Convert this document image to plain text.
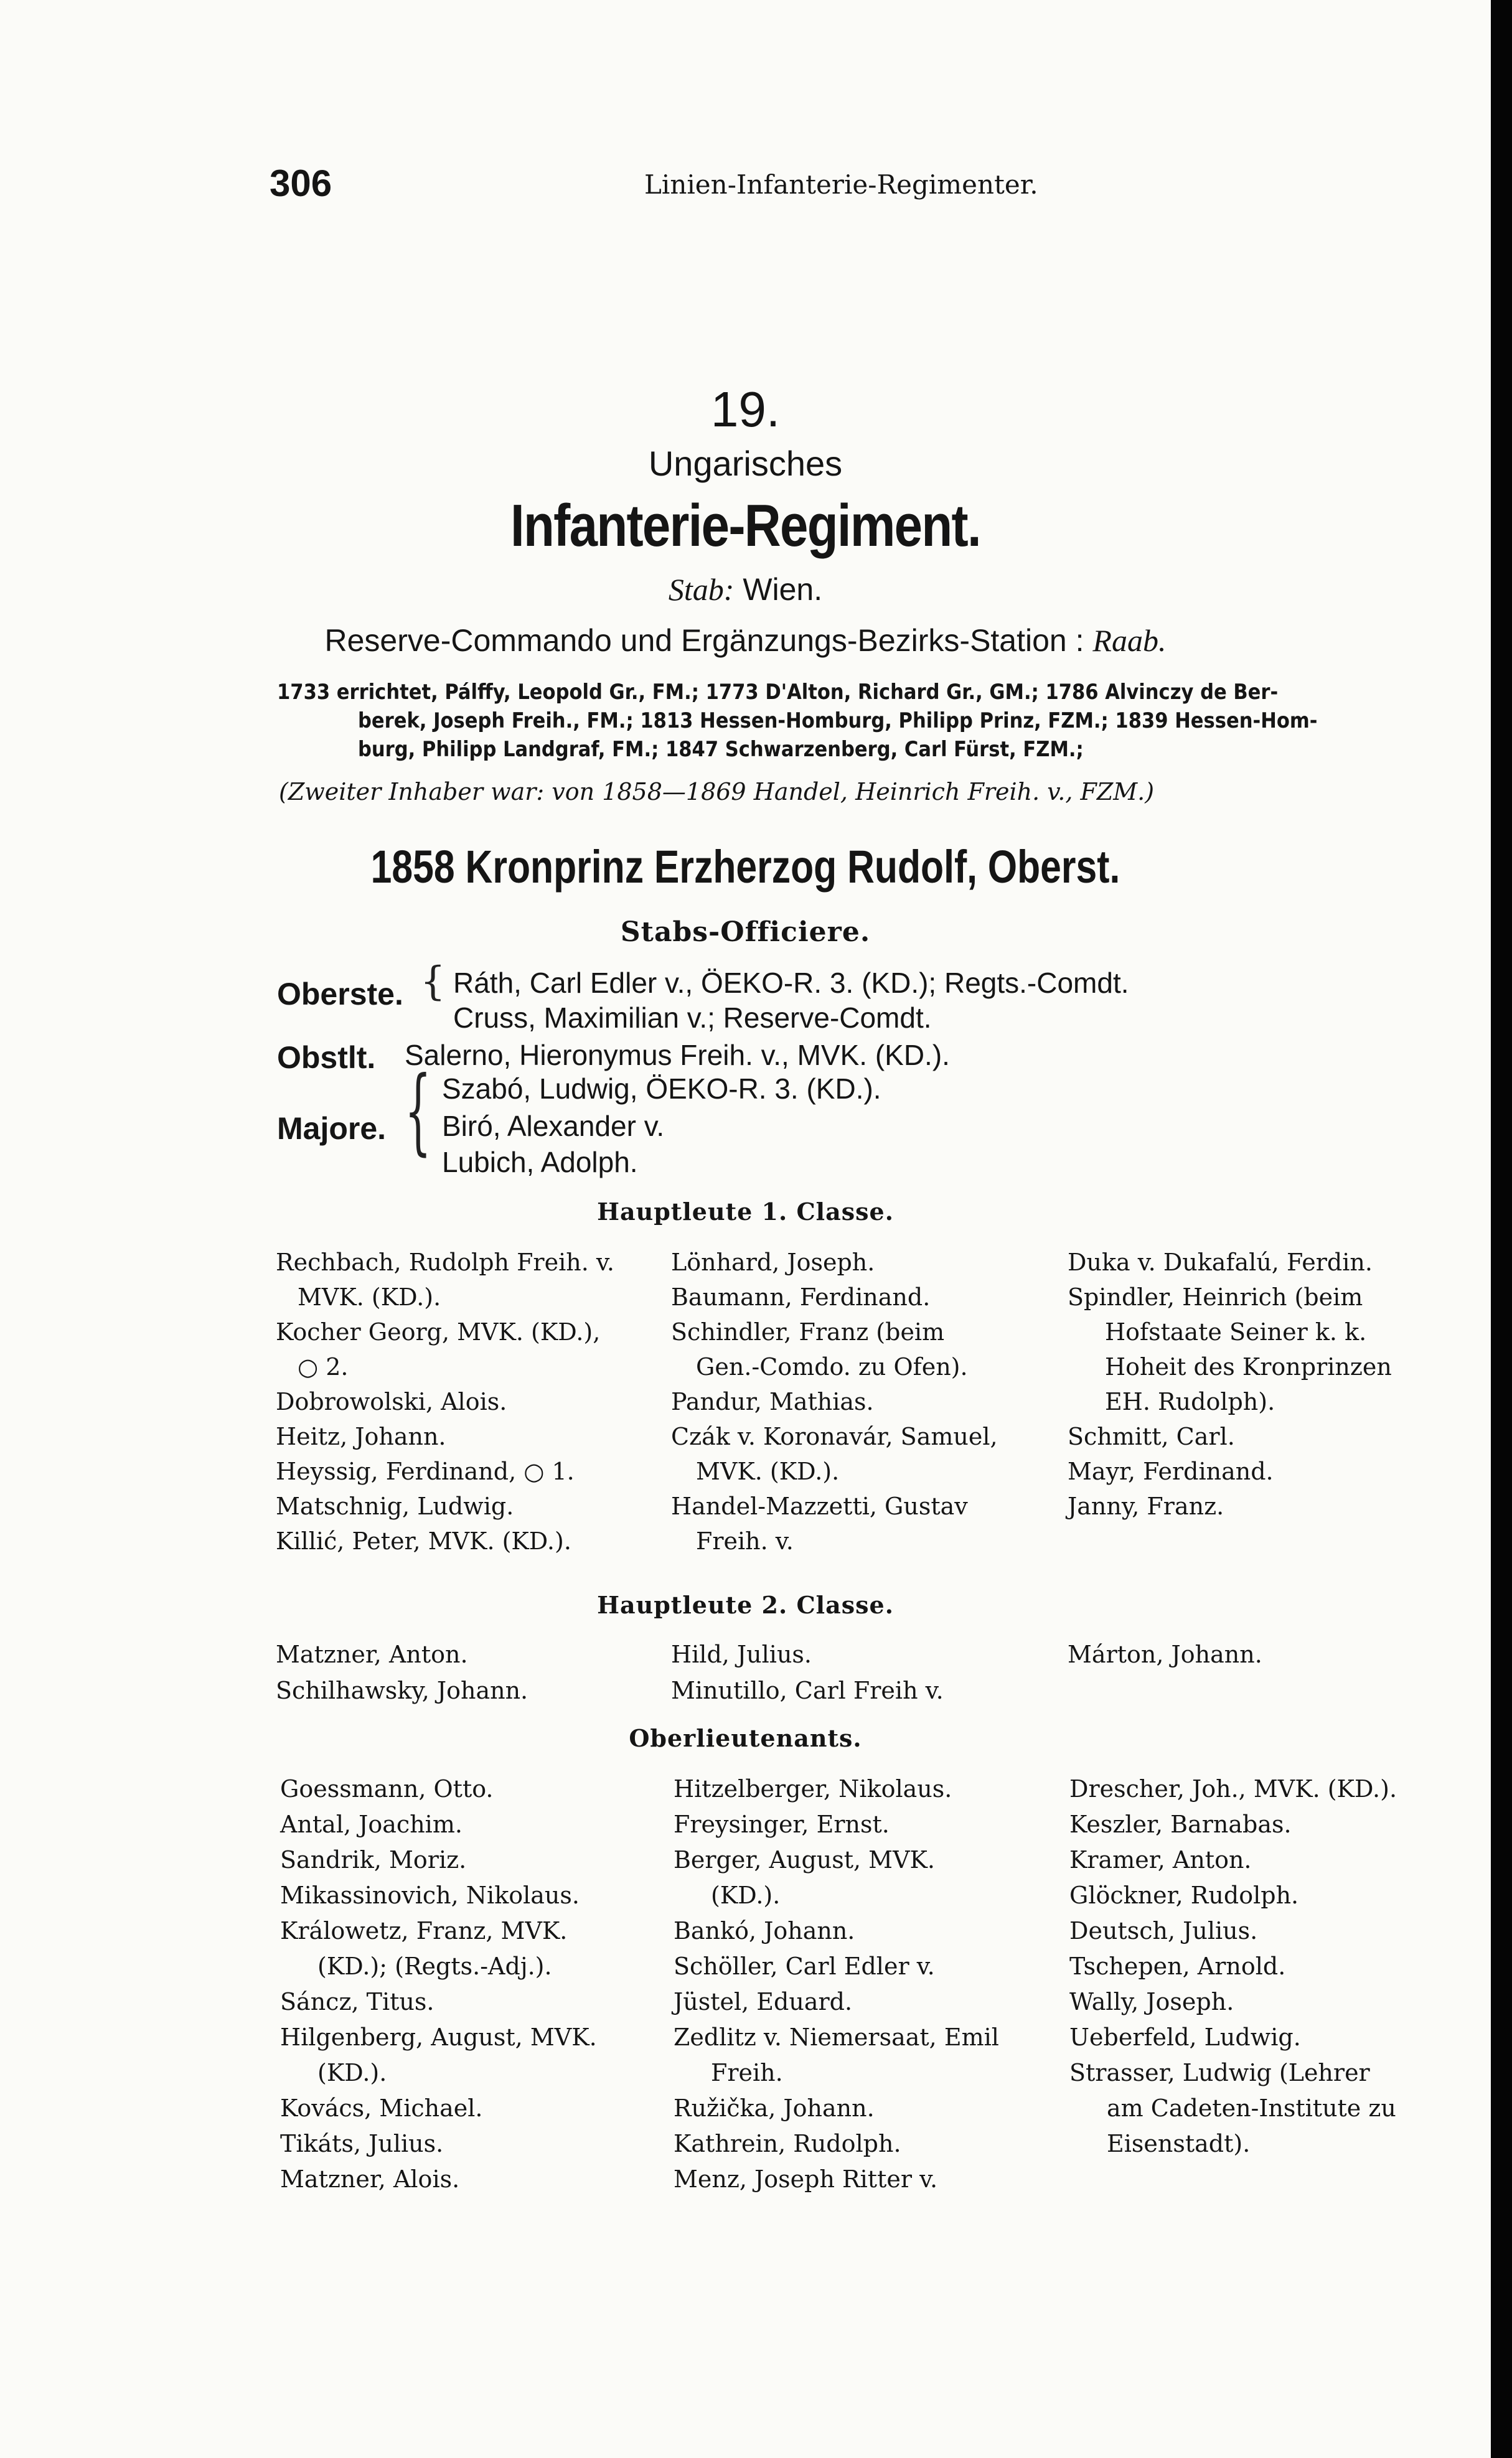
306	Linien-Infanterie-Regimenter.
19.
Ungarisches
Infanterie-Regiment.
Stab: Wien.
Reserve-Commando und Ergänzungs-Bezirks-Station : Raab.
1733 errichtet, Pálffy, Leopold Gr., FM.; 1773 D'Alton, Richard Gr., GM.; 1786 Alvinczy de Ber-
berek, Joseph Freih., FM.; 1813 Hessen-Homburg, Philipp Prinz, FZM.; 1839 Hessen-Hom-
burg, Philipp Landgraf, FM.; 1847 Schwarzenberg, Carl Fürst, FZM.;
(Zweiter Inhaber war: von 1858—1869 Handel, Heinrich Freih. v., FZM.)
1858 Kronprinz Erzherzog Rudolf, Oberst.
Stabs-Officiere.
Oberste. { Ráth, Carl Edler v., ÖEKO-R. 3. (KD.); Regts.-Comdt.
Cruss, Maximilian v.; Reserve-Comdt.
Obstlt. Salerno, Hieronymus Freih. v., MVK. (KD.).
Majore. { Szabó, Ludwig, ÖEKO-R. 3. (KD.).
Biró, Alexander v.
Lubich, Adolph.
Hauptleute 1. Classe.
Rechbach, Rudolph Freih. v.
MVK. (KD.).
Kocher Georg, MVK. (KD.),
○ 2.
Dobrowolski, Alois.
Heitz, Johann.
Heyssig, Ferdinand, ○ 1.
Matschnig, Ludwig.
Killić, Peter, MVK. (KD.).
Lönhard, Joseph.
Baumann, Ferdinand.
Schindler, Franz (beim
Gen.-Comdo. zu Ofen).
Pandur, Mathias.
Czák v. Koronavár, Samuel,
MVK. (KD.).
Handel-Mazzetti, Gustav
Freih. v.
Duka v. Dukafalú, Ferdin.
Spindler, Heinrich (beim
Hofstaate Seiner k. k.
Hoheit des Kronprinzen
EH. Rudolph).
Schmitt, Carl.
Mayr, Ferdinand.
Janny, Franz.
Hauptleute 2. Classe.
Matzner, Anton.
Schilhawsky, Johann.
Hild, Julius.
Minutillo, Carl Freih v.
Márton, Johann.
Oberlieutenants.
Goessmann, Otto.
Antal, Joachim.
Sandrik, Moriz.
Mikassinovich, Nikolaus.
Králowetz, Franz, MVK.
(KD.); (Regts.-Adj.).
Sáncz, Titus.
Hilgenberg, August, MVK.
(KD.).
Kovács, Michael.
Tikáts, Julius.
Matzner, Alois.
Hitzelberger, Nikolaus.
Freysinger, Ernst.
Berger, August, MVK.
(KD.).
Bankó, Johann.
Schöller, Carl Edler v.
Jüstel, Eduard.
Zedlitz v. Niemersaat, Emil
Freih.
Ružička, Johann.
Kathrein, Rudolph.
Menz, Joseph Ritter v.
Drescher, Joh., MVK. (KD.).
Keszler, Barnabas.
Kramer, Anton.
Glöckner, Rudolph.
Deutsch, Julius.
Tschepen, Arnold.
Wally, Joseph.
Ueberfeld, Ludwig.
Strasser, Ludwig (Lehrer
am Cadeten-Institute zu
Eisenstadt).
